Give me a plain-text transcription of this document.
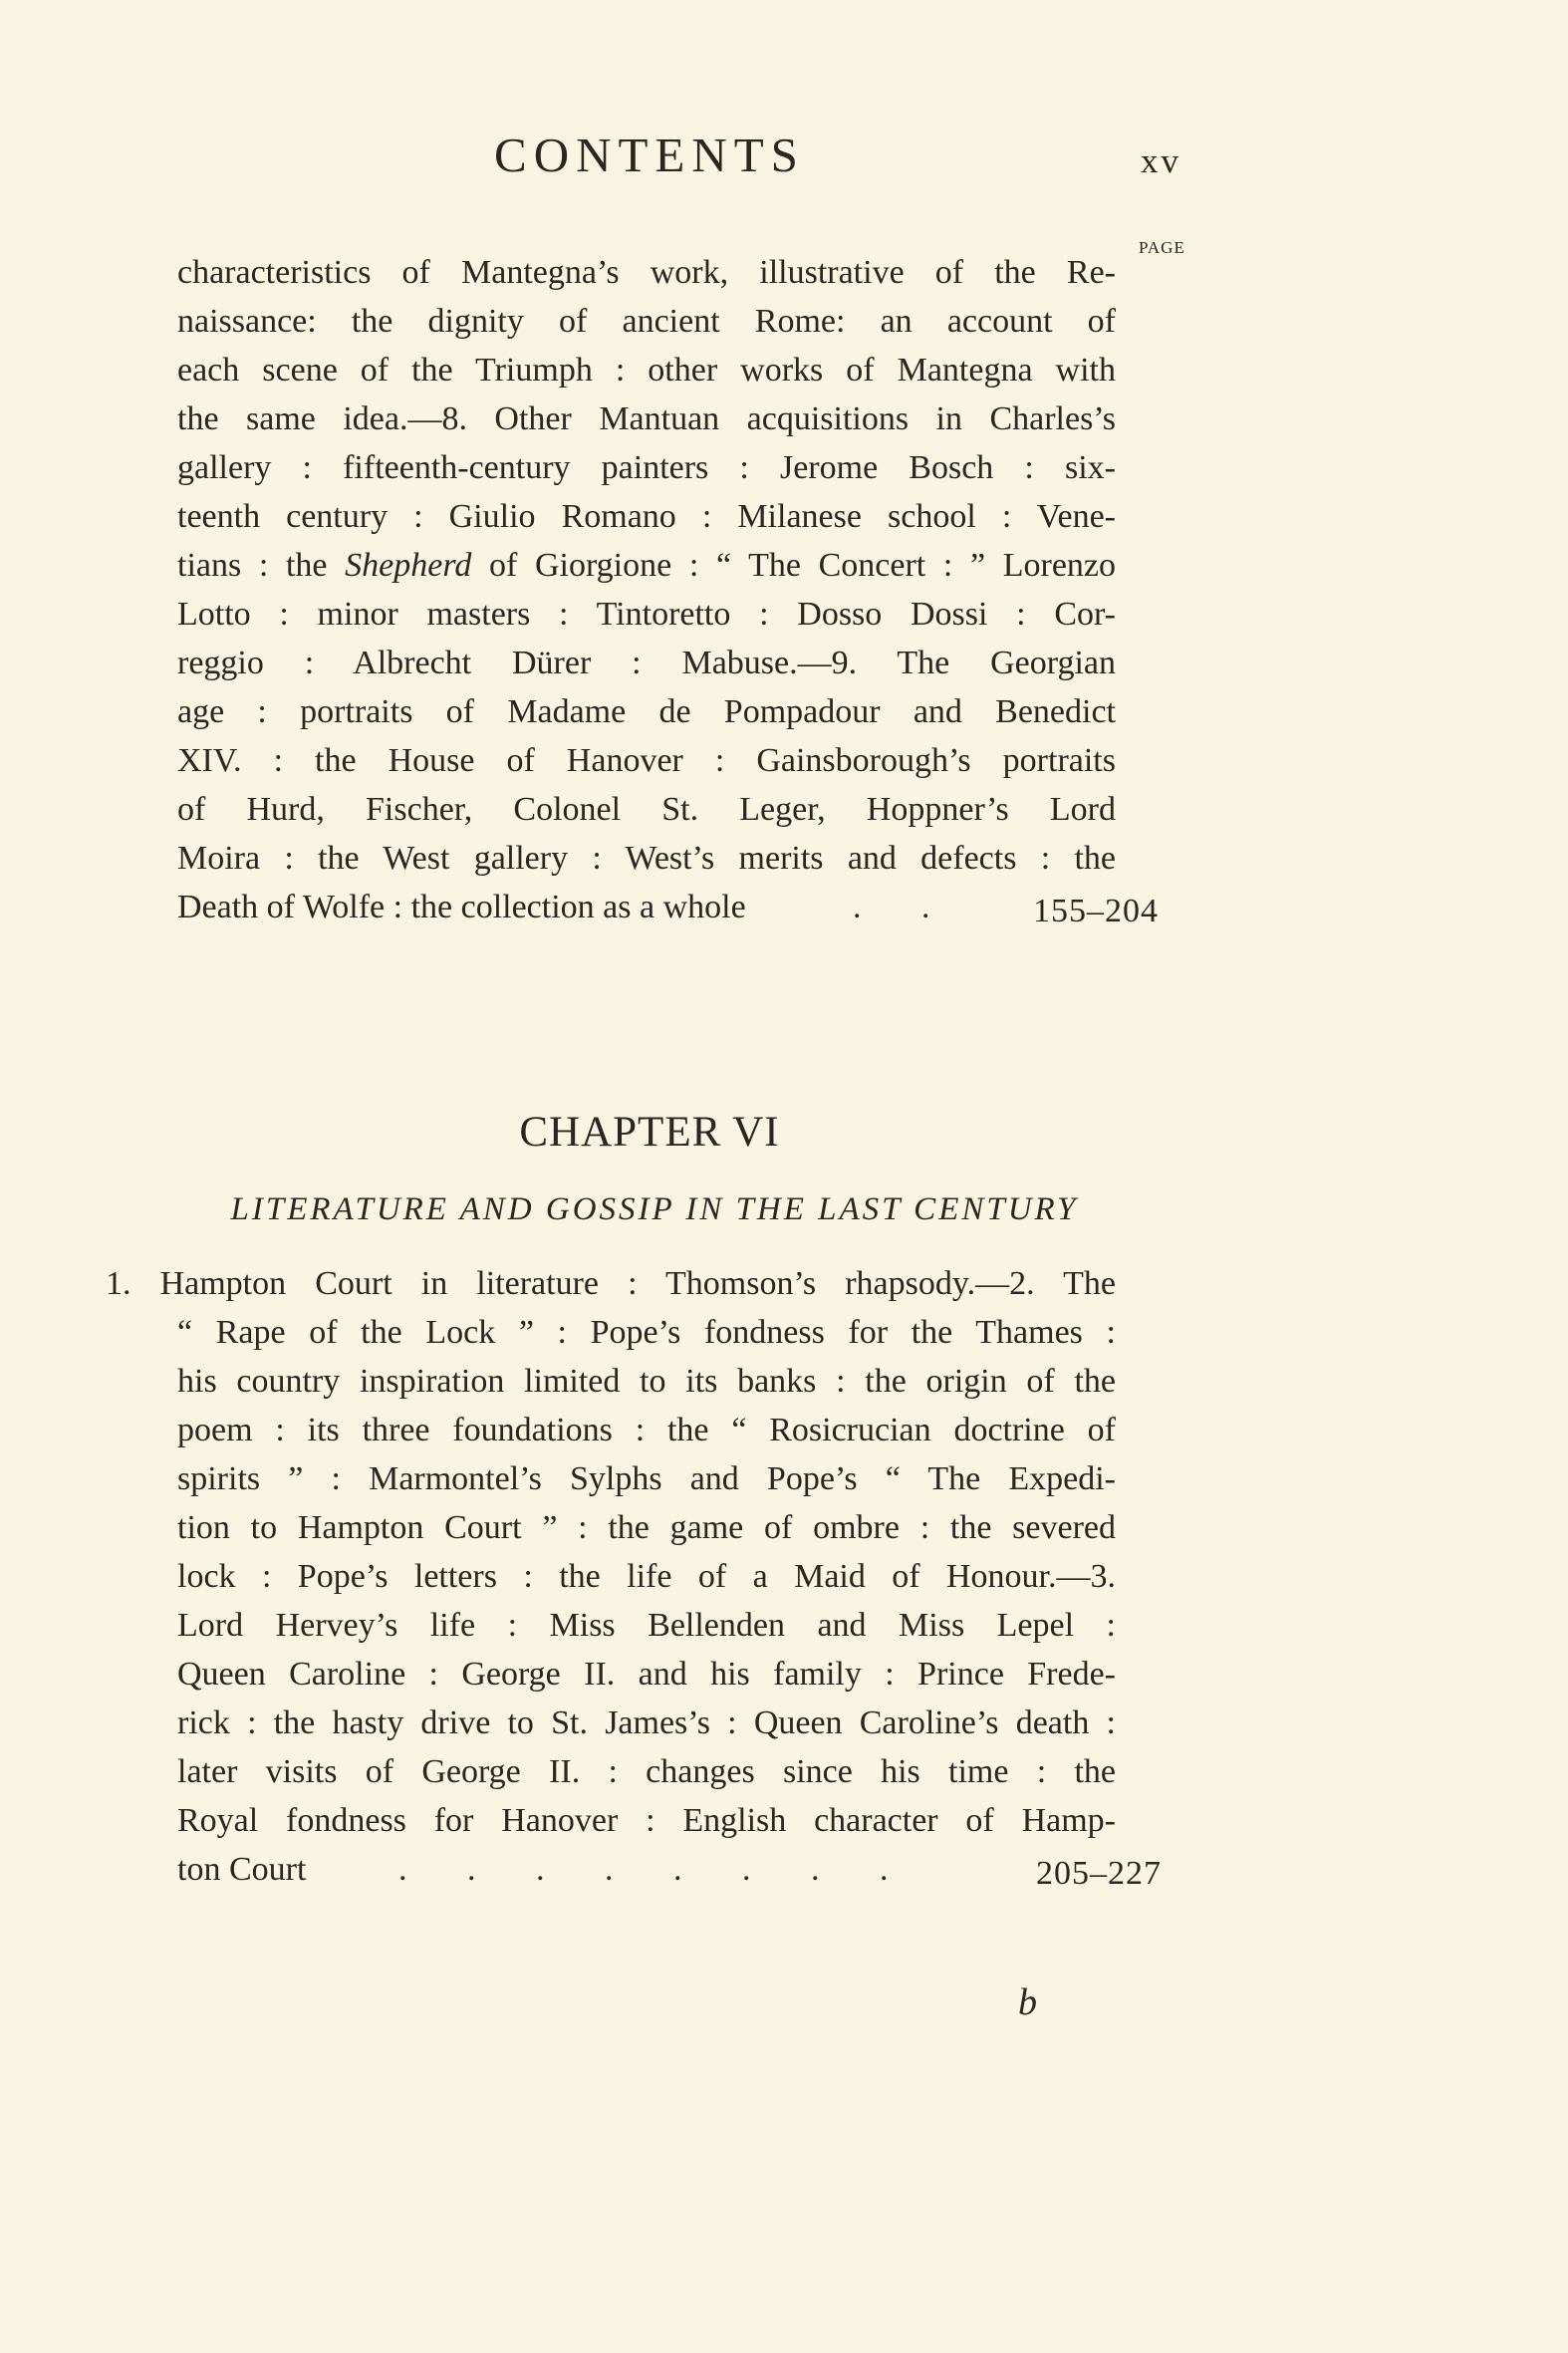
CONTENTS	xv
PAGE
characteristics of Mantegna’s work, illustrative of the Re-
naissance: the dignity of ancient Rome: an account of
each scene of the Triumph : other works of Mantegna with
the same idea.—8. Other Mantuan acquisitions in Charles’s
gallery : fifteenth-century painters : Jerome Bosch : six-
teenth century : Giulio Romano : Milanese school : Vene-
tians : the Shepherd of Giorgione : “ The Concert : ” Lorenzo
Lotto : minor masters : Tintoretto : Dosso Dossi : Cor-
reggio : Albrecht Dürer : Mabuse.—9. The Georgian
age : portraits of Madame de Pompadour and Benedict
XIV. : the House of Hanover : Gainsborough’s portraits
of Hurd, Fischer, Colonel St. Leger, Hoppner’s Lord
Moira : the West gallery : West’s merits and defects : the
Death of Wolfe : the collection as a whole	. . 155–204
CHAPTER VI
LITERATURE AND GOSSIP IN THE LAST CENTURY
1. Hampton Court in literature : Thomson’s rhapsody.—2. The
“ Rape of the Lock ” : Pope’s fondness for the Thames :
his country inspiration limited to its banks : the origin of the
poem : its three foundations : the “ Rosicrucian doctrine of
spirits ” : Marmontel’s Sylphs and Pope’s “ The Expedi-
tion to Hampton Court ” : the game of ombre : the severed
lock : Pope’s letters : the life of a Maid of Honour.—3.
Lord Hervey’s life : Miss Bellenden and Miss Lepel :
Queen Caroline : George II. and his family : Prince Frede-
rick : the hasty drive to St. James’s : Queen Caroline’s death :
later visits of George II. : changes since his time : the
Royal fondness for Hanover : English character of Hamp-
ton Court	. . . . . . . .	205–227
b
